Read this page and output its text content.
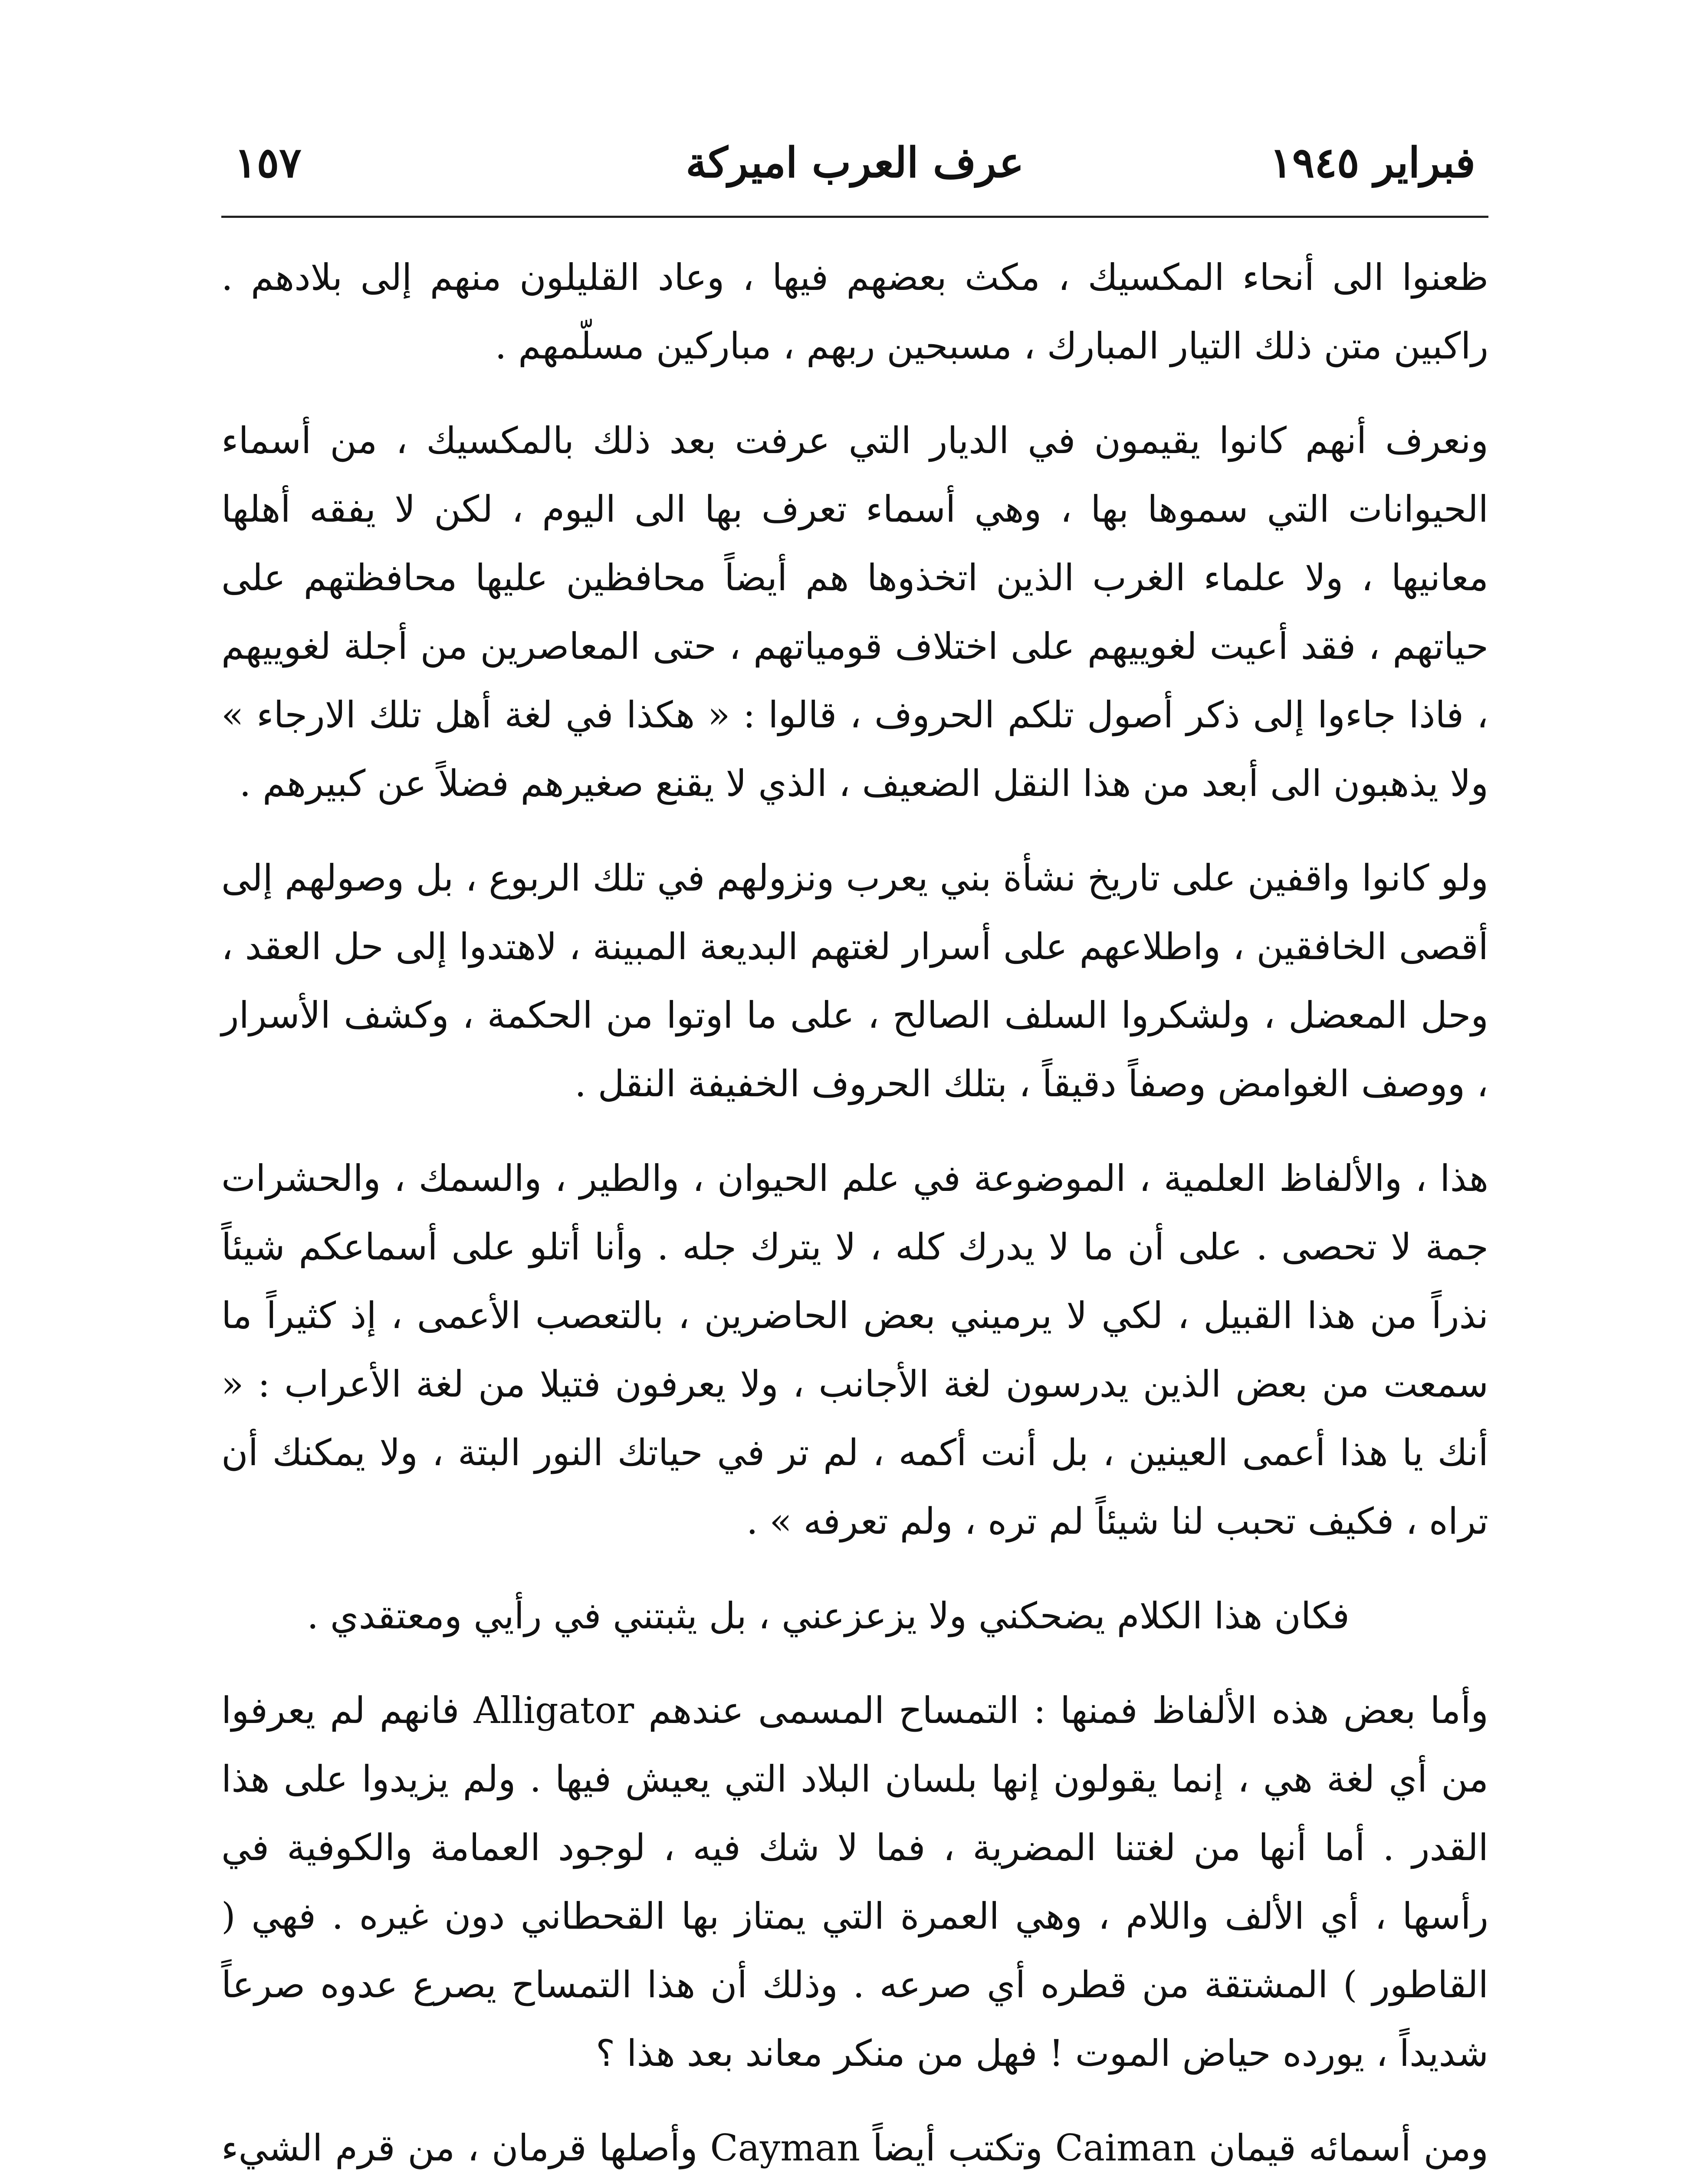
فبراير ١٩٤٥
عرف العرب اميركة
١٥٧

ظعنوا الى أنحاء المكسيك ، مكث بعضهم فيها ، وعاد القليلون منهم إلى بلادهم . راكبين متن ذلك التيار المبارك ، مسبحين ربهم ، مباركين مسلّمهم .

ونعرف أنهم كانوا يقيمون في الديار التي عرفت بعد ذلك بالمكسيك ، من أسماء الحيوانات التي سموها بها ، وهي أسماء تعرف بها الى اليوم ، لكن لا يفقه أهلها معانيها ، ولا علماء الغرب الذين اتخذوها هم أيضاً محافظين عليها محافظتهم على حياتهم ، فقد أعيت لغوييهم على اختلاف قومياتهم ، حتى المعاصرين من أجلة لغوييهم ، فاذا جاءوا إلى ذكر أصول تلكم الحروف ، قالوا : « هكذا في لغة أهل تلك الارجاء » ولا يذهبون الى أبعد من هذا النقل الضعيف ، الذي لا يقنع صغيرهم فضلاً عن كبيرهم .

ولو كانوا واقفين على تاريخ نشأة بني يعرب ونزولهم في تلك الربوع ، بل وصولهم إلى أقصى الخافقين ، واطلاعهم على أسرار لغتهم البديعة المبينة ، لاهتدوا إلى حل العقد ، وحل المعضل ، ولشكروا السلف الصالح ، على ما اوتوا من الحكمة ، وكشف الأسرار ، ووصف الغوامض وصفاً دقيقاً ، بتلك الحروف الخفيفة النقل .

هذا ، والألفاظ العلمية ، الموضوعة في علم الحيوان ، والطير ، والسمك ، والحشرات جمة لا تحصى . على أن ما لا يدرك كله ، لا يترك جله . وأنا أتلو على أسماعكم شيئاً نذراً من هذا القبيل ، لكي لا يرميني بعض الحاضرين ، بالتعصب الأعمى ، إذ كثيراً ما سمعت من بعض الذين يدرسون لغة الأجانب ، ولا يعرفون فتيلا من لغة الأعراب : « أنك يا هذا أعمى العينين ، بل أنت أكمه ، لم تر في حياتك النور البتة ، ولا يمكنك أن تراه ، فكيف تحبب لنا شيئاً لم تره ، ولم تعرفه » .

فكان هذا الكلام يضحكني ولا يزعزعني ، بل يثبتني في رأيي ومعتقدي .

وأما بعض هذه الألفاظ فمنها : التمساح المسمى عندهم Alligator فانهم لم يعرفوا من أي لغة هي ، إنما يقولون إنها بلسان البلاد التي يعيش فيها . ولم يزيدوا على هذا القدر . أما أنها من لغتنا المضرية ، فما لا شك فيه ، لوجود العمامة والكوفية في رأسها ، أي الألف واللام ، وهي العمرة التي يمتاز بها القحطاني دون غيره . فهي ( القاطور ) المشتقة من قطره أي صرعه . وذلك أن هذا التمساح يصرع عدوه صرعاً شديداً ، يورده حياض الموت ! فهل من منكر معاند بعد هذا ؟

ومن أسمائه قيمان Caiman وتكتب أيضاً Cayman وأصلها قرمان ، من قرم الشيء
